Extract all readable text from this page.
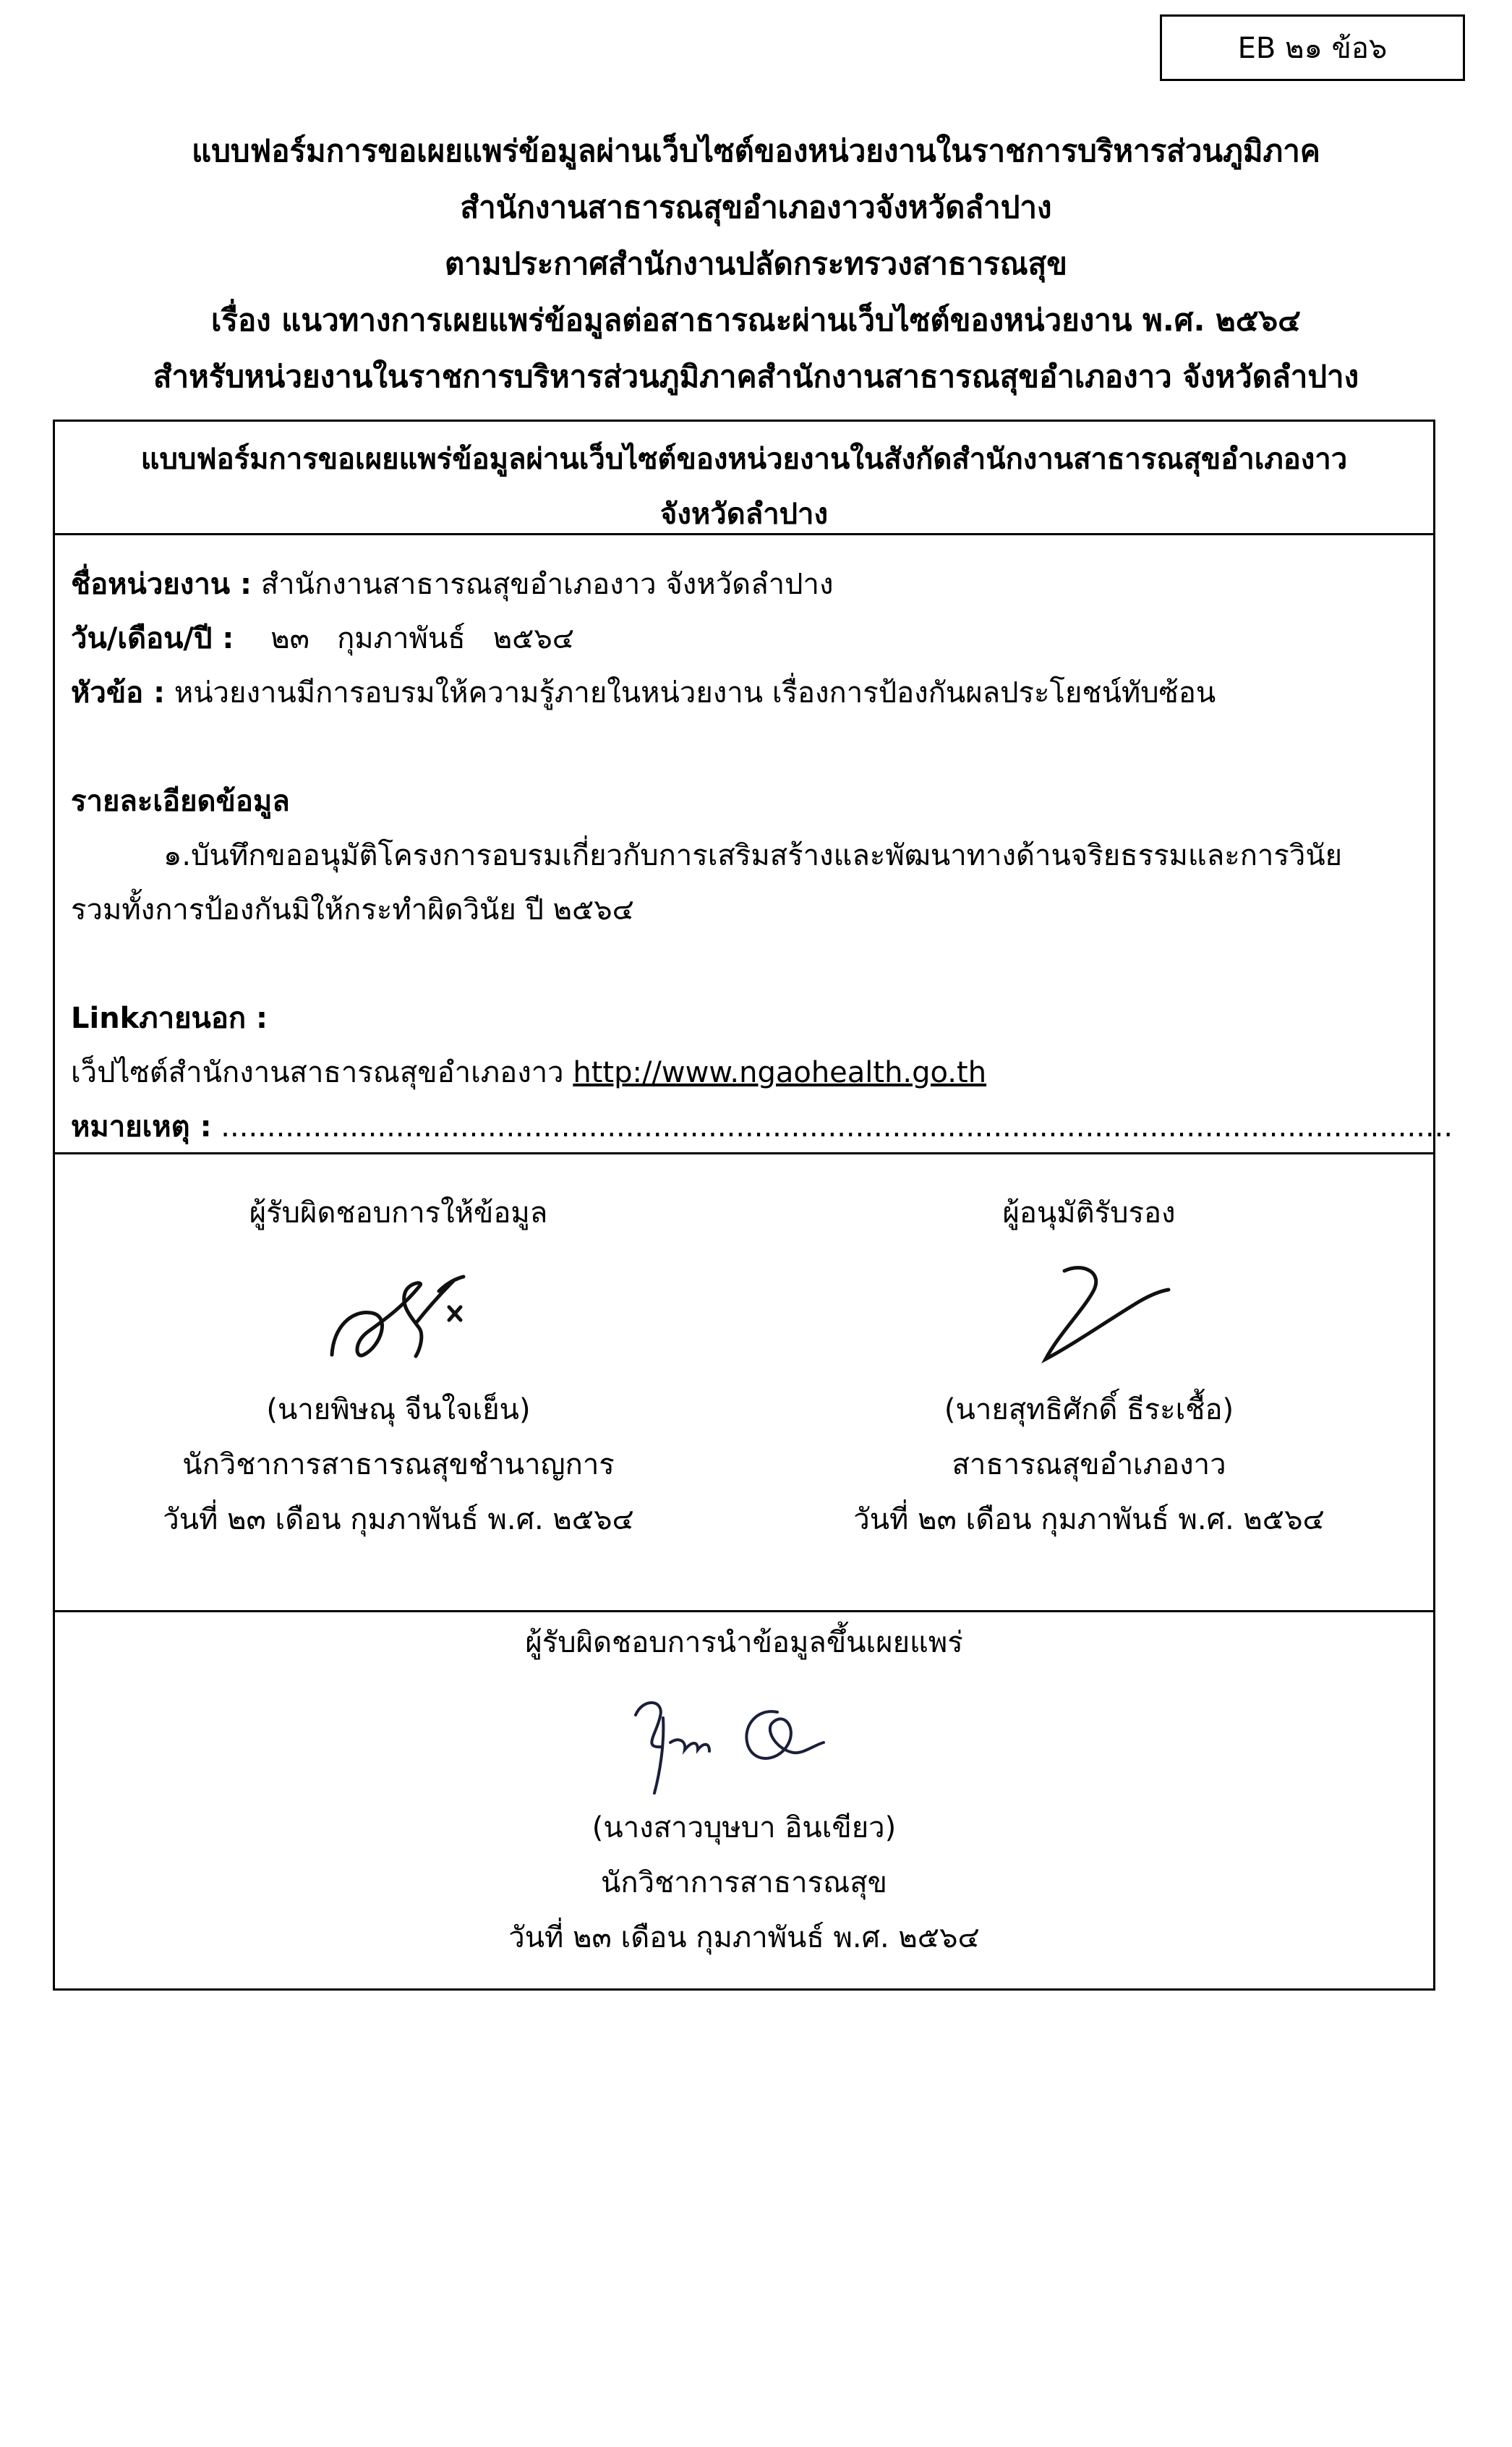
EB ๒๑ ข้อ๖
แบบฟอร์มการขอเผยแพร่ข้อมูลผ่านเว็บไซต์ของหน่วยงานในราชการบริหารส่วนภูมิภาค
สำนักงานสาธารณสุขอำเภองาวจังหวัดลำปาง
ตามประกาศสำนักงานปลัดกระทรวงสาธารณสุข
เรื่อง แนวทางการเผยแพร่ข้อมูลต่อสาธารณะผ่านเว็บไซต์ของหน่วยงาน พ.ศ. ๒๕๖๔
สำหรับหน่วยงานในราชการบริหารส่วนภูมิภาคสำนักงานสาธารณสุขอำเภองาว จังหวัดลำปาง
แบบฟอร์มการขอเผยแพร่ข้อมูลผ่านเว็บไซต์ของหน่วยงานในสังกัดสำนักงานสาธารณสุขอำเภองาว
จังหวัดลำปาง
ชื่อหน่วยงาน : สำนักงานสาธารณสุขอำเภองาว จังหวัดลำปาง
วัน/เดือน/ปี :    ๒๓   กุมภาพันธ์   ๒๕๖๔
หัวข้อ : หน่วยงานมีการอบรมให้ความรู้ภายในหน่วยงาน เรื่องการป้องกันผลประโยชน์ทับซ้อน
รายละเอียดข้อมูล
๑.บันทึกขออนุมัติโครงการอบรมเกี่ยวกับการเสริมสร้างและพัฒนาทางด้านจริยธรรมและการวินัย
รวมทั้งการป้องกันมิให้กระทำผิดวินัย ปี ๒๕๖๔
Linkภายนอก :
เว็ปไซต์สำนักงานสาธารณสุขอำเภองาว http://www.ngaohealth.go.th
หมายเหตุ : ......................................................................................................................................
ผู้รับผิดชอบการให้ข้อมูล
(นายพิษณุ จีนใจเย็น)
นักวิชาการสาธารณสุขชำนาญการ
วันที่ ๒๓ เดือน กุมภาพันธ์ พ.ศ. ๒๕๖๔
ผู้อนุมัติรับรอง
(นายสุทธิศักดิ์ ธีระเชื้อ)
สาธารณสุขอำเภองาว
วันที่ ๒๓ เดือน กุมภาพันธ์ พ.ศ. ๒๕๖๔
ผู้รับผิดชอบการนำข้อมูลขึ้นเผยแพร่
(นางสาวบุษบา อินเขียว)
นักวิชาการสาธารณสุข
วันที่ ๒๓ เดือน กุมภาพันธ์ พ.ศ. ๒๕๖๔
